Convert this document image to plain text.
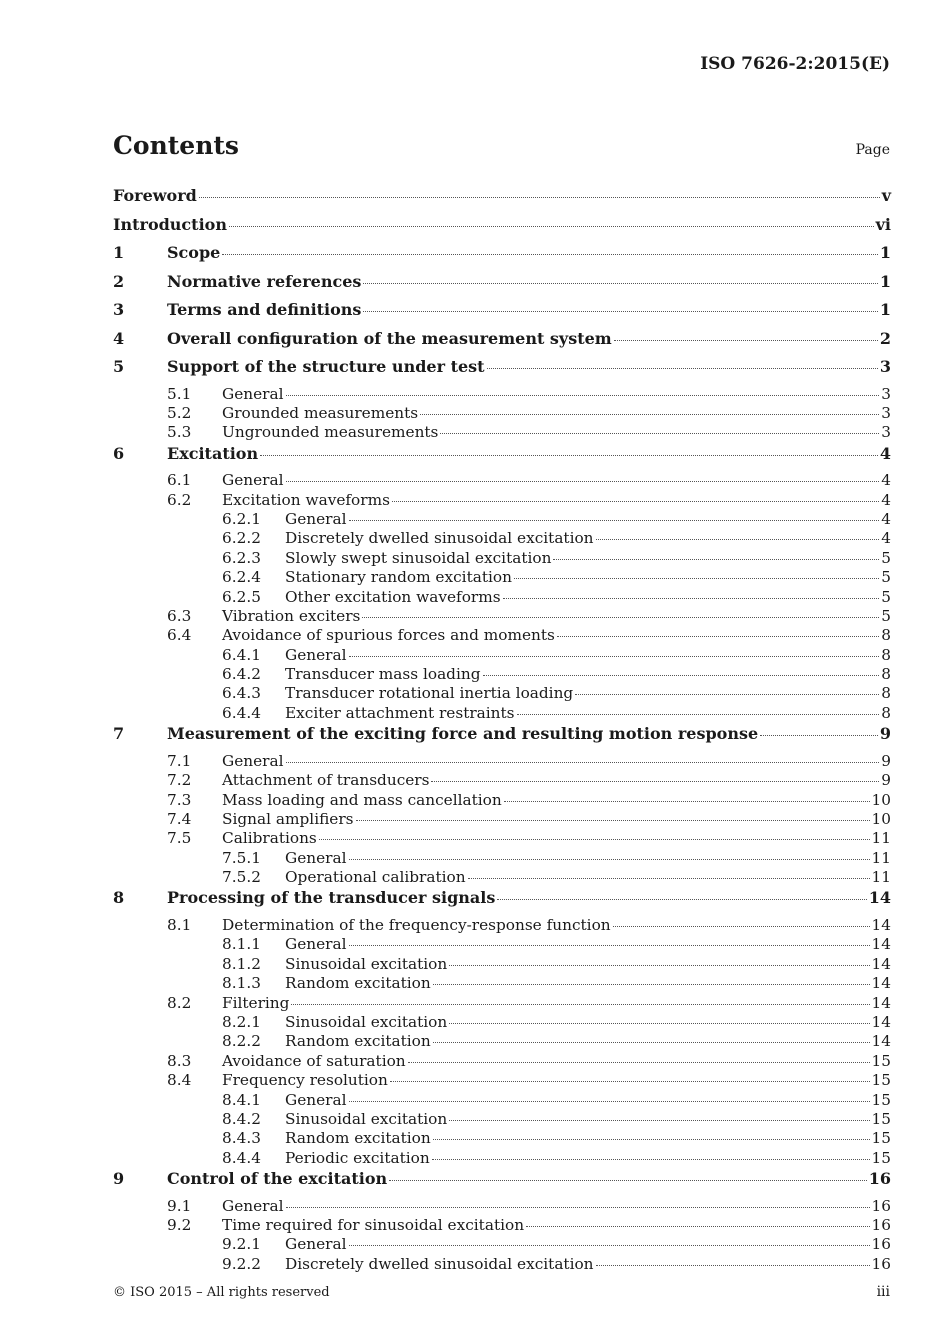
ISO 7626-2:2015(E)
Contents	Page
Foreword	v
Introduction	vi
1	Scope	1
2	Normative references	1
3	Terms and definitions	1
4	Overall configuration of the measurement system	2
5	Support of the structure under test	3
5.1	General	3
5.2	Grounded measurements	3
5.3	Ungrounded measurements	3
6	Excitation	4
6.1	General	4
6.2	Excitation waveforms	4
6.2.1	General	4
6.2.2	Discretely dwelled sinusoidal excitation	4
6.2.3	Slowly swept sinusoidal excitation	5
6.2.4	Stationary random excitation	5
6.2.5	Other excitation waveforms	5
6.3	Vibration exciters	5
6.4	Avoidance of spurious forces and moments	8
6.4.1	General	8
6.4.2	Transducer mass loading	8
6.4.3	Transducer rotational inertia loading	8
6.4.4	Exciter attachment restraints	8
7	Measurement of the exciting force and resulting motion response	9
7.1	General	9
7.2	Attachment of transducers	9
7.3	Mass loading and mass cancellation	10
7.4	Signal amplifiers	10
7.5	Calibrations	11
7.5.1	General	11
7.5.2	Operational calibration	11
8	Processing of the transducer signals	14
8.1	Determination of the frequency-response function	14
8.1.1	General	14
8.1.2	Sinusoidal excitation	14
8.1.3	Random excitation	14
8.2	Filtering	14
8.2.1	Sinusoidal excitation	14
8.2.2	Random excitation	14
8.3	Avoidance of saturation	15
8.4	Frequency resolution	15
8.4.1	General	15
8.4.2	Sinusoidal excitation	15
8.4.3	Random excitation	15
8.4.4	Periodic excitation	15
9	Control of the excitation	16
9.1	General	16
9.2	Time required for sinusoidal excitation	16
9.2.1	General	16
9.2.2	Discretely dwelled sinusoidal excitation	16
© ISO 2015 – All rights reserved	iii
